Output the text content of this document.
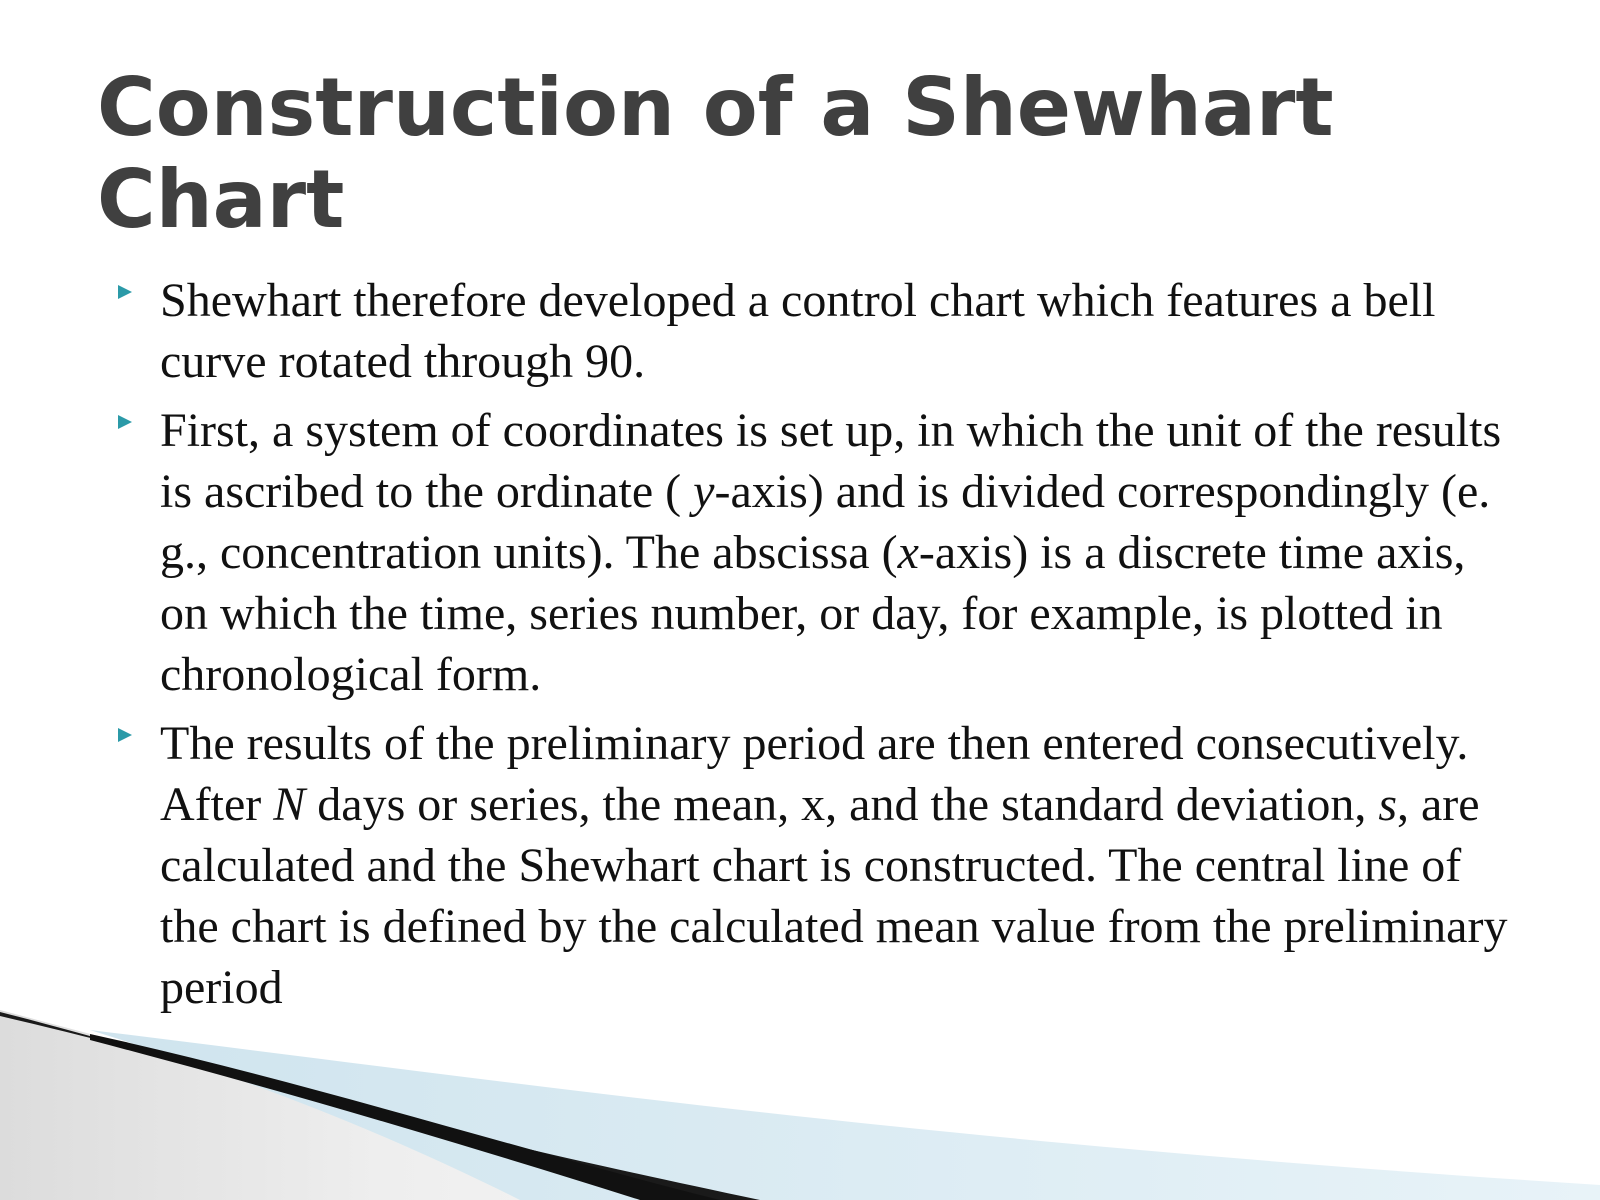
Construction of a Shewhart
Chart
Shewhart therefore developed a control chart which features a bell curve rotated through 90.
First, a system of coordinates is set up, in which the unit of the results is ascribed to the ordinate ( y-axis) and is divided correspondingly (e. g., concentration units). The abscissa (x-axis) is a discrete time axis, on which the time, series number, or day, for example, is plotted in chronological form.
The results of the preliminary period are then entered consecutively. After N days or series, the mean, x, and the standard deviation, s, are calculated and the Shewhart chart is constructed. The central line of the chart is defined by the calculated mean value from the preliminary period
